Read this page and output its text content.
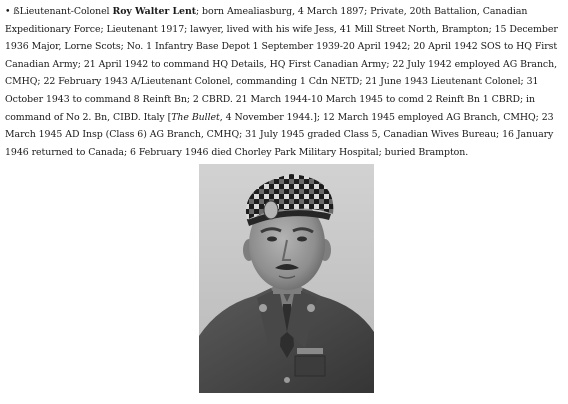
• ßLieutenant-Colonel Roy Walter Lent; born Amealiasburg, 4 March 1897; Private, 20th Battalion, Canadian Expeditionary Force; Lieutenant 1917; lawyer, lived with his wife Jess, 41 Mill Street North, Brampton; 15 December 1936 Major, Lorne Scots; No. 1 Infantry Base Depot 1 September 1939-20 April 1942; 20 April 1942 SOS to HQ First Canadian Army; 21 April 1942 to command HQ Details, HQ First Canadian Army; 22 July 1942 employed AG Branch, CMHQ; 22 February 1943 A/Lieutenant Colonel, commanding 1 Cdn NETD; 21 June 1943 Lieutenant Colonel; 31 October 1943 to command 8 Reinft Bn; 2 CBRD. 21 March 1944-10 March 1945 to comd 2 Reinft Bn 1 CBRD; in command of No 2. Bn, CIBD. Italy [The Bullet, 4 November 1944.]; 12 March 1945 employed AG Branch, CMHQ; 23 March 1945 AD Insp (Class 6) AG Branch, CMHQ; 31 July 1945 graded Class 5, Canadian Wives Bureau; 16 January 1946 returned to Canada; 6 February 1946 died Chorley Park Military Hospital; buried Brampton.
